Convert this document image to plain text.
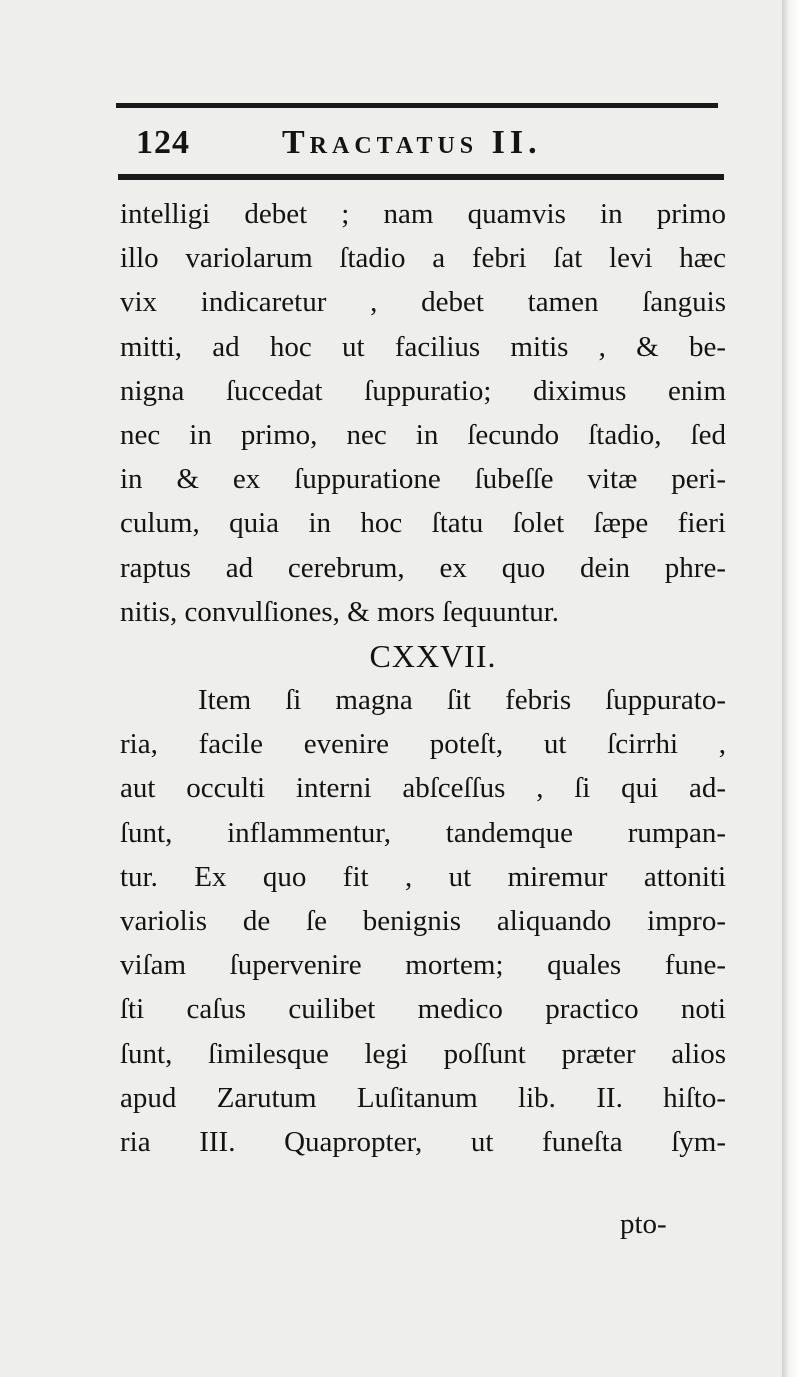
124	Tractatus II.
intelligi debet ; nam quamvis in primo
illo variolarum ſtadio a febri ſat levi hæc
vix indicaretur , debet tamen ſanguis
mitti, ad hoc ut facilius mitis , & be-
nigna ſuccedat ſuppuratio; diximus enim
nec in primo, nec in ſecundo ſtadio, ſed
in & ex ſuppuratione ſubeſſe vitæ peri-
culum, quia in hoc ſtatu ſolet ſæpe fieri
raptus ad cerebrum, ex quo dein phre-
nitis, convulſiones, & mors ſequuntur.
CXXVII.
Item ſi magna ſit febris ſuppurato-
ria, facile evenire poteſt, ut ſcirrhi ,
aut occulti interni abſceſſus , ſi qui ad-
ſunt, inflammentur, tandemque rumpan-
tur. Ex quo fit , ut miremur attoniti
variolis de ſe benignis aliquando impro-
viſam ſupervenire mortem; quales fune-
ſti caſus cuilibet medico practico noti
ſunt, ſimilesque legi poſſunt præter alios
apud Zarutum Luſitanum lib. II. hiſto-
ria III. Quapropter, ut funeſta ſym-
pto-
